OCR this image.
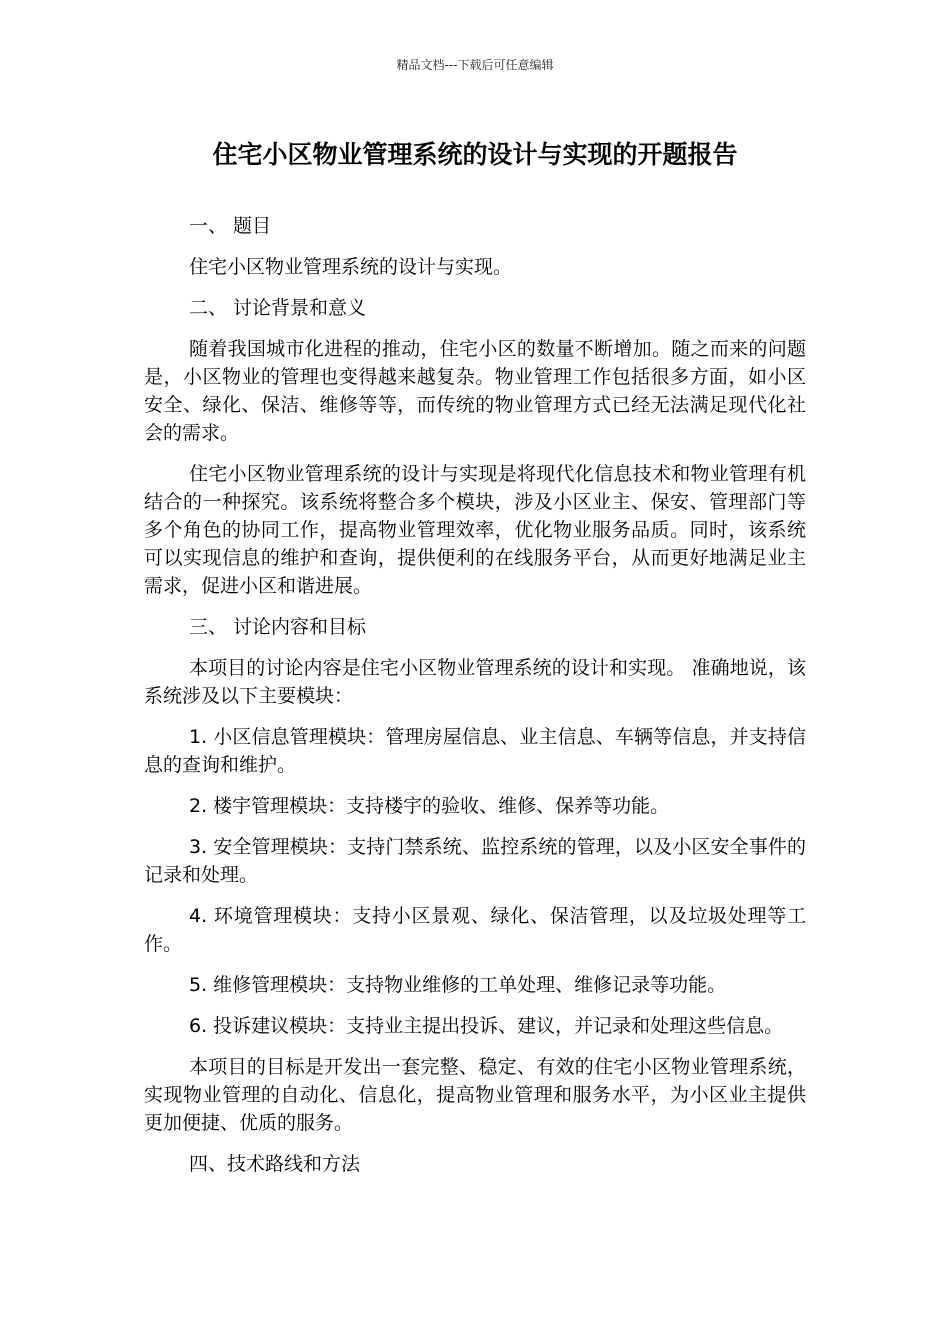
精品文档---下载后可任意编辑
住宅小区物业管理系统的设计与实现的开题报告

一、 题目

住宅小区物业管理系统的设计与实现。

二、 讨论背景和意义

随着我国城市化进程的推动，住宅小区的数量不断增加。随之而来的问题是，小区物业的管理也变得越来越复杂。物业管理工作包括很多方面，如小区安全、绿化、保洁、维修等等，而传统的物业管理方式已经无法满足现代化社会的需求。

住宅小区物业管理系统的设计与实现是将现代化信息技术和物业管理有机结合的一种探究。该系统将整合多个模块，涉及小区业主、保安、管理部门等多个角色的协同工作，提高物业管理效率，优化物业服务品质。同时，该系统可以实现信息的维护和查询，提供便利的在线服务平台，从而更好地满足业主需求，促进小区和谐进展。

三、 讨论内容和目标

本项目的讨论内容是住宅小区物业管理系统的设计和实现。 准确地说，该系统涉及以下主要模块：

1. 小区信息管理模块：管理房屋信息、业主信息、车辆等信息，并支持信息的查询和维护。

2. 楼宇管理模块：支持楼宇的验收、维修、保养等功能。

3. 安全管理模块：支持门禁系统、监控系统的管理，以及小区安全事件的记录和处理。

4. 环境管理模块：支持小区景观、绿化、保洁管理，以及垃圾处理等工作。

5. 维修管理模块：支持物业维修的工单处理、维修记录等功能。

6. 投诉建议模块：支持业主提出投诉、建议，并记录和处理这些信息。

本项目的目标是开发出一套完整、稳定、有效的住宅小区物业管理系统，实现物业管理的自动化、信息化，提高物业管理和服务水平，为小区业主提供更加便捷、优质的服务。

四、技术路线和方法
